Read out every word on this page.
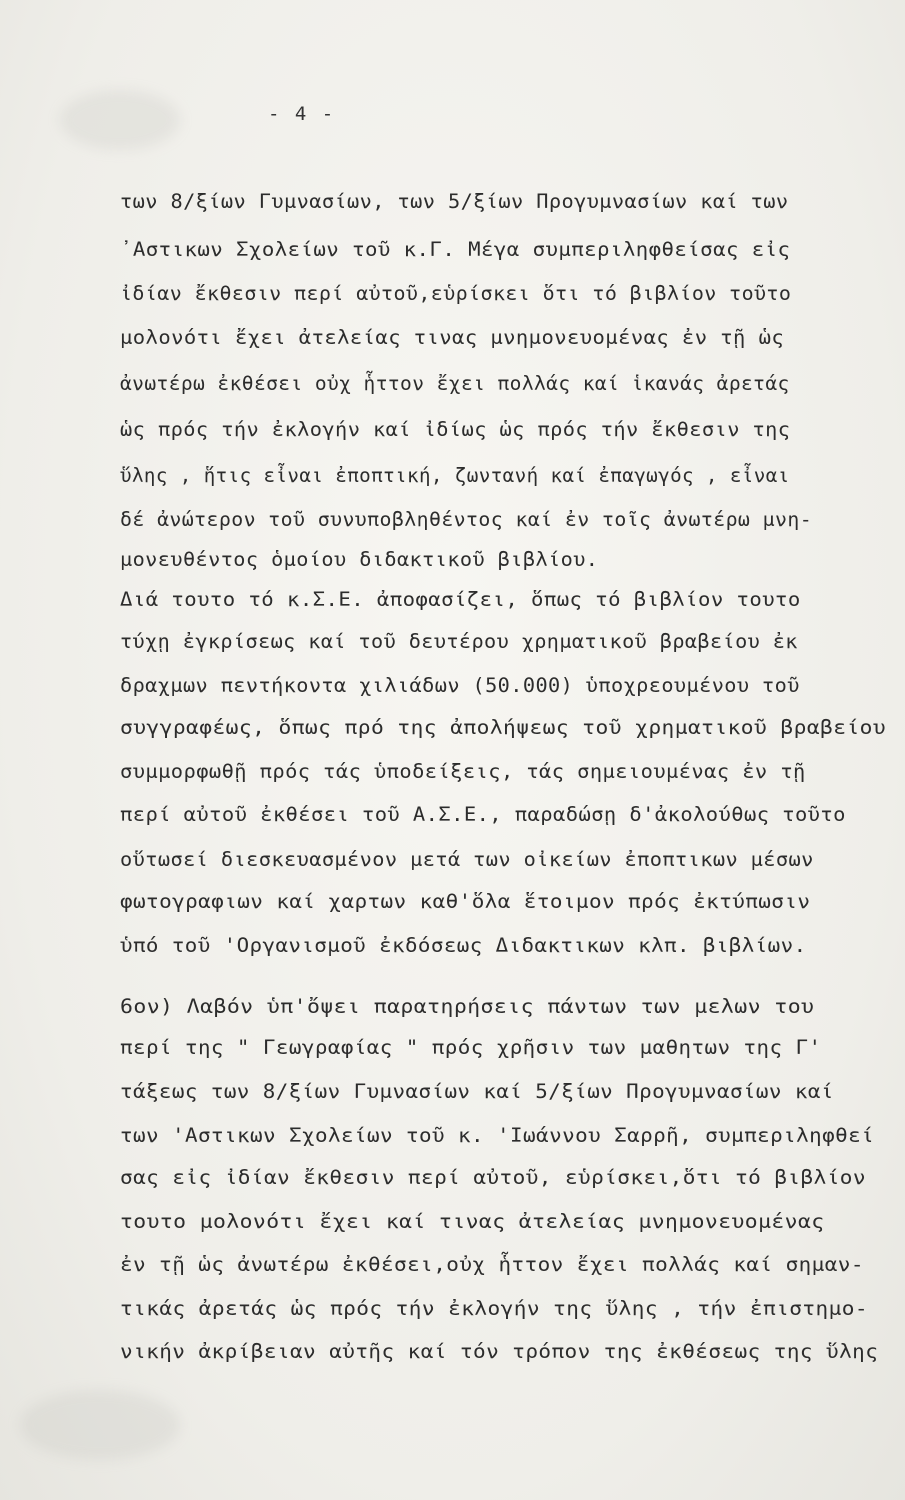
- 4 -
των 8/ξίων Γυμνασίων, των 5/ξίων Προγυμνασίων καί των
᾽Αστικων Σχολείων τοῦ κ.Γ. Μέγα συμπεριληφθείσας εἰς
ἰδίαν ἔκθεσιν περί αὐτοῦ,εὑρίσκει ὅτι τό βιβλίον τοῦτο
μολονότι ἔχει ἀτελείας τινας μνημονευομένας ἐν τῇ ὡς
ἀνωτέρω ἐκθέσει οὐχ ἧττον ἔχει πολλάς καί ἱκανάς ἀρετάς
ὡς πρός τήν ἐκλογήν καί ἰδίως ὡς πρός τήν ἔκθεσιν της
ὕλης , ἥτις εἶναι ἐποπτική, ζωντανή καί ἐπαγωγός , εἶναι
δέ ἀνώτερον τοῦ συνυποβληθέντος καί ἐν τοῖς ἀνωτέρω μνη-
μονευθέντος ὁμοίου διδακτικοῦ βιβλίου.
Διά τουτο τό κ.Σ.Ε. ἀποφασίζει, ὅπως τό βιβλίον τουτο
τύχῃ ἐγκρίσεως καί τοῦ δευτέρου χρηματικοῦ βραβείου ἐκ
δραχμων πεντήκοντα χιλιάδων (50.000) ὑποχρεουμένου τοῦ
συγγραφέως, ὅπως πρό της ἀπολήψεως τοῦ χρηματικοῦ βραβείου
συμμορφωθῇ πρός τάς ὑποδείξεις, τάς σημειουμένας ἐν τῇ
περί αὐτοῦ ἐκθέσει τοῦ Α.Σ.Ε., παραδώσῃ δ'ἀκολούθως τοῦτο
οὕτωσεί διεσκευασμένον μετά των οἰκείων ἐποπτικων μέσων
φωτογραφιων καί χαρτων καθ'ὅλα ἕτοιμον πρός ἐκτύπωσιν
ὑπό τοῦ 'Οργανισμοῦ ἐκδόσεως Διδακτικων κλπ. βιβλίων.
6ον) Λαβόν ὑπ'ὄψει παρατηρήσεις πάντων των μελων του
περί της " Γεωγραφίας " πρός χρῆσιν των μαθητων της Γ'
τάξεως των 8/ξίων Γυμνασίων καί 5/ξίων Προγυμνασίων καί
των 'Αστικων Σχολείων τοῦ κ. 'Ιωάννου Σαρρῆ, συμπεριληφθεί
σας εἰς ἰδίαν ἔκθεσιν περί αὐτοῦ, εὑρίσκει,ὅτι τό βιβλίον
τουτο μολονότι ἔχει καί τινας ἀτελείας μνημονευομένας
ἐν τῇ ὡς ἀνωτέρω ἐκθέσει,οὐχ ἧττον ἔχει πολλάς καί σημαν-
τικάς ἀρετάς ὡς πρός τήν ἐκλογήν της ὕλης , τήν ἐπιστημο-
νικήν ἀκρίβειαν αὐτῆς καί τόν τρόπον της ἐκθέσεως της ὕλης
